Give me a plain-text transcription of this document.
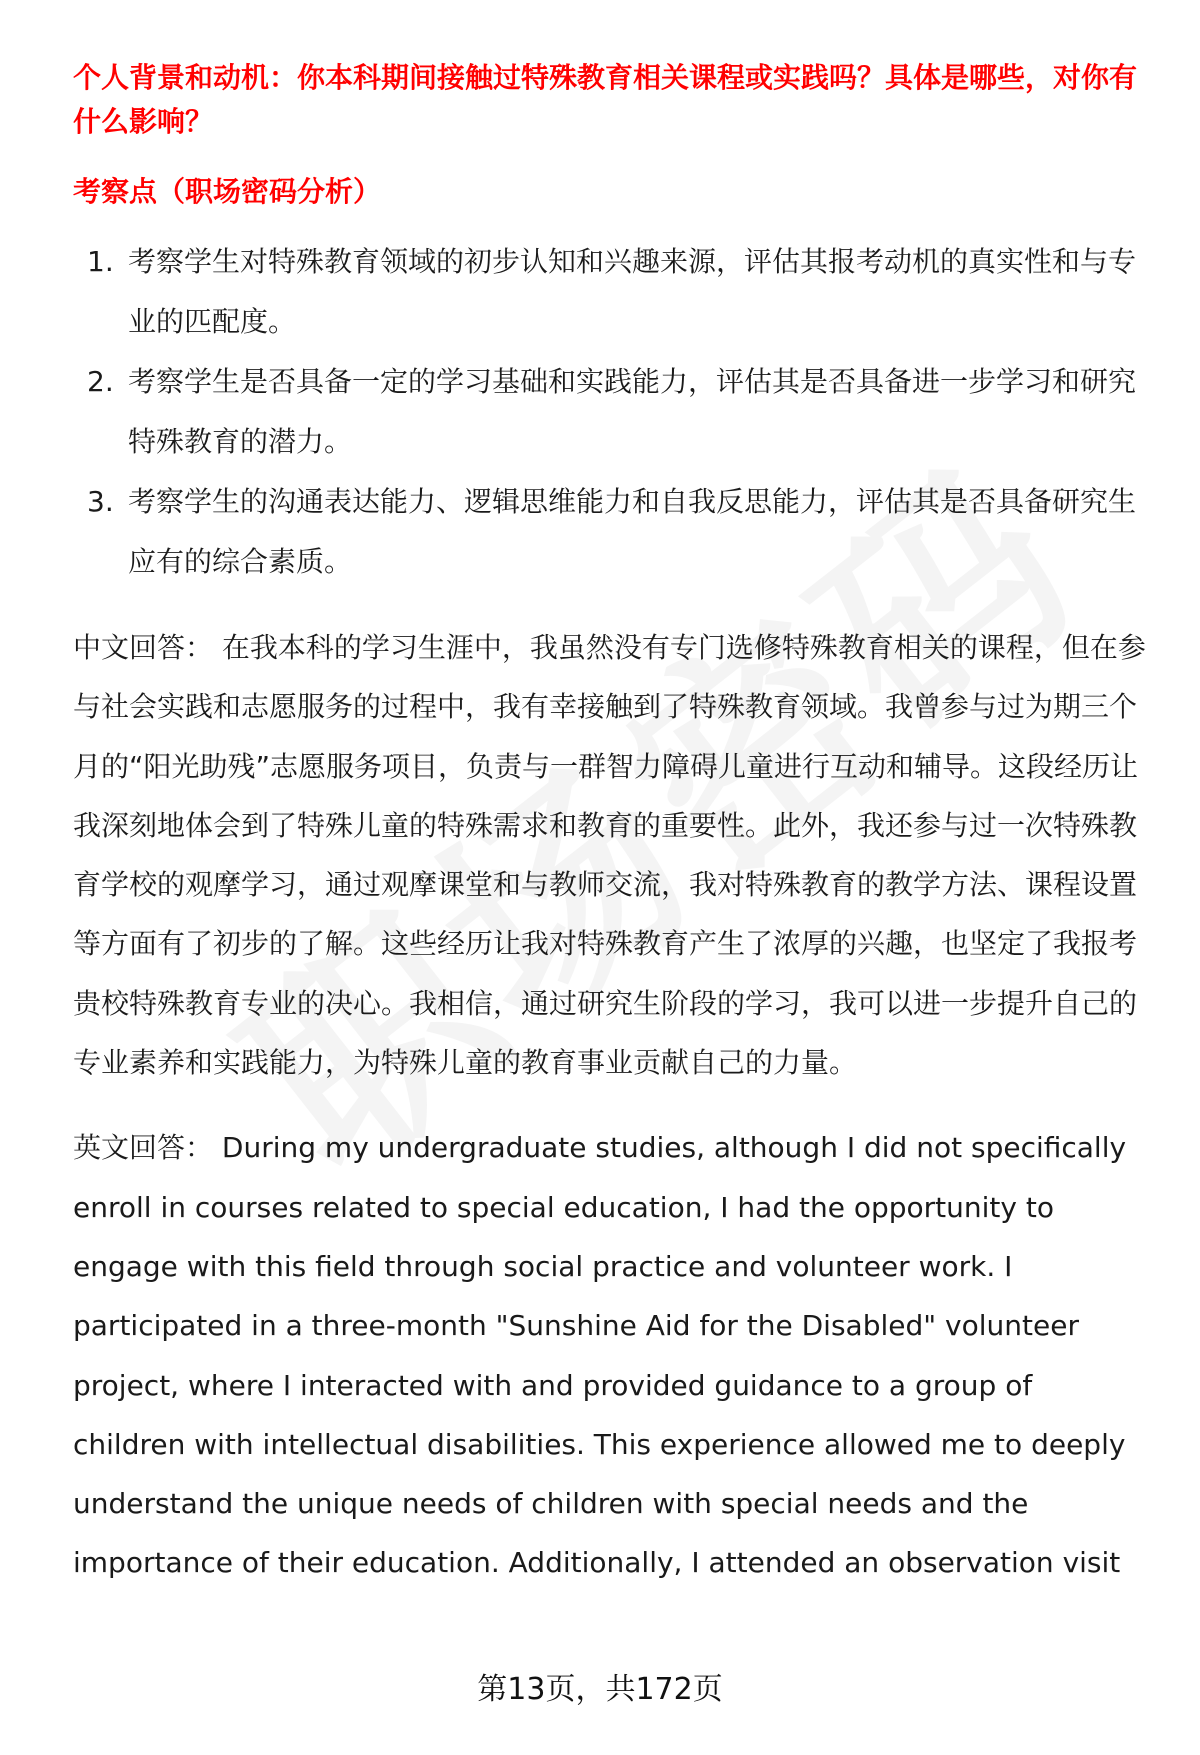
个人背景和动机：你本科期间接触过特殊教育相关课程或实践吗？具体是哪些，对你有什么影响？

考察点（职场密码分析）

1. 考察学生对特殊教育领域的初步认知和兴趣来源，评估其报考动机的真实性和与专业的匹配度。
2. 考察学生是否具备一定的学习基础和实践能力，评估其是否具备进一步学习和研究特殊教育的潜力。
3. 考察学生的沟通表达能力、逻辑思维能力和自我反思能力，评估其是否具备研究生应有的综合素质。

中文回答： 在我本科的学习生涯中，我虽然没有专门选修特殊教育相关的课程，但在参与社会实践和志愿服务的过程中，我有幸接触到了特殊教育领域。我曾参与过为期三个月的“阳光助残”志愿服务项目，负责与一群智力障碍儿童进行互动和辅导。这段经历让我深刻地体会到了特殊儿童的特殊需求和教育的重要性。此外，我还参与过一次特殊教育学校的观摩学习，通过观摩课堂和与教师交流，我对特殊教育的教学方法、课程设置等方面有了初步的了解。这些经历让我对特殊教育产生了浓厚的兴趣，也坚定了我报考贵校特殊教育专业的决心。我相信，通过研究生阶段的学习，我可以进一步提升自己的专业素养和实践能力，为特殊儿童的教育事业贡献自己的力量。

英文回答： During my undergraduate studies, although I did not specifically enroll in courses related to special education, I had the opportunity to engage with this field through social practice and volunteer work. I participated in a three-month "Sunshine Aid for the Disabled" volunteer project, where I interacted with and provided guidance to a group of children with intellectual disabilities. This experience allowed me to deeply understand the unique needs of children with special needs and the importance of their education. Additionally, I attended an observation visit

第13页，共172页
